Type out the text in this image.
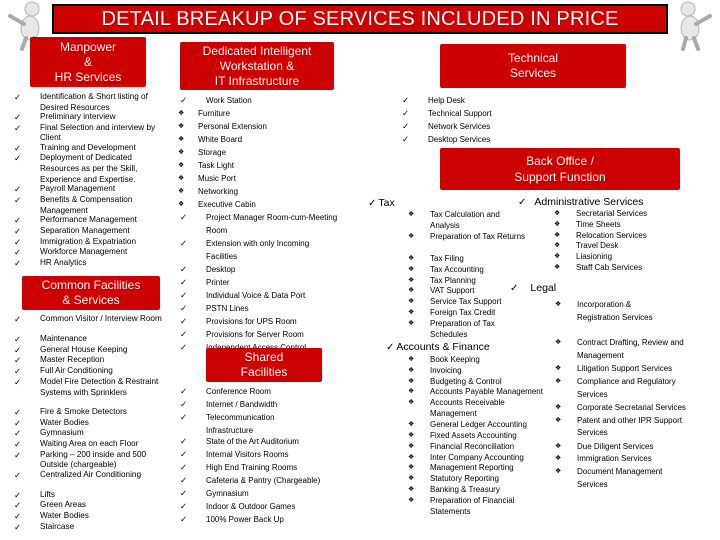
DETAIL BREAKUP OF SERVICES INCLUDED IN PRICE
Manpower
&
HR Services
✓ Identification & Short listing of Desired Resources
✓ Preliminary interview
✓ Final Selection and interview by Client
✓ Training and Development
✓ Deployment of Dedicated Resources as per the Skill, Experience and Expertise.
✓ Payroll Management
✓ Benefits & Compensation Management
✓ Performance Management
✓ Separation Management
✓ Immigration & Expatriation
✓ Workforce Management
✓ HR Analytics
Common Facilities
& Services
✓ Common Visitor / Interview Room
✓ Maintenance
✓ General House Keeping
✓ Master Reception
✓ Full Air Conditioning
✓ Model Fire Detection & Restraint Systems with Sprinklers
✓ Fire & Smoke Detectors
✓ Water Bodies
✓ Gymnasium
✓ Waiting Area on each Floor
✓ Parking – 200 inside and 500 Outside (chargeable)
✓ Centralized Air Conditioning
✓ Lifts
✓ Green Areas
✓ Water Bodies
✓ Staircase
Dedicated Intelligent
Workstation &
IT Infrastructure
✓ Work Station
❖ Furniture
❖ Personal Extension
❖ White Board
❖ Storage
❖ Task Light
❖ Music Port
❖ Networking
❖ Executive Cabin
✓ Project Manager Room-cum-Meeting Room
✓ Extension with only Incoming Facilities
✓ Desktop
✓ Printer
✓ Individual Voice & Data Port
✓ PSTN Lines
✓ Provisions for UPS Room
✓ Provisions for Server Room
✓
Shared
Facilities
✓ Conference Room
✓ Internet / Bandwidth
✓ Telecommunication Infrastructure
✓ State of the Art Auditorium
✓ Internal Visitors Rooms
✓ High End Training Rooms
✓ Cafeteria & Pantry (Chargeable)
✓ Gymnasium
✓ Indoor & Outdoor Games
✓ 100% Power Back Up
Technical
Services
✓ Help Desk
✓ Technical Support
✓ Network Services
✓ Desktop Services
Back Office /
Support Function
✓ Tax
❖ Tax Calculation and Analysis
❖ Preparation of Tax Returns
❖ Tax Filing
❖ Tax Accounting
❖ Tax Planning
❖ VAT Support
❖ Service Tax Support
❖ Foreign Tax Credit
❖ Preparation of Tax Schedules
✓ Accounts & Finance
❖ Book Keeping
❖ Invoicing
❖ Budgeting & Control
❖ Accounts Payable Management
❖ Accounts Receivable Management
❖ General Ledger Accounting
❖ Fixed Assets Accounting
❖ Financial Reconciliation
❖ Inter Company Accounting
❖ Management Reporting
❖ Statutory Reporting
❖ Banking & Treasury
❖ Preparation of Financial Statements
✓ Administrative Services
❖ Secretarial Services
❖ Time Sheets
❖ Relocation Services
❖ Travel Desk
❖ Liasioning
❖ Staff Cab Services
✓ Legal
❖ Incorporation & Registration Services
❖ Contract Drafting, Review and Management
❖ Litigation Support Services
❖ Compliance and Regulatory Services
❖ Corporate Secretarial Services
❖ Patent and other IPR Support Services
❖ Due Diligent Services
❖ Immigration Services
❖ Document Management Services
